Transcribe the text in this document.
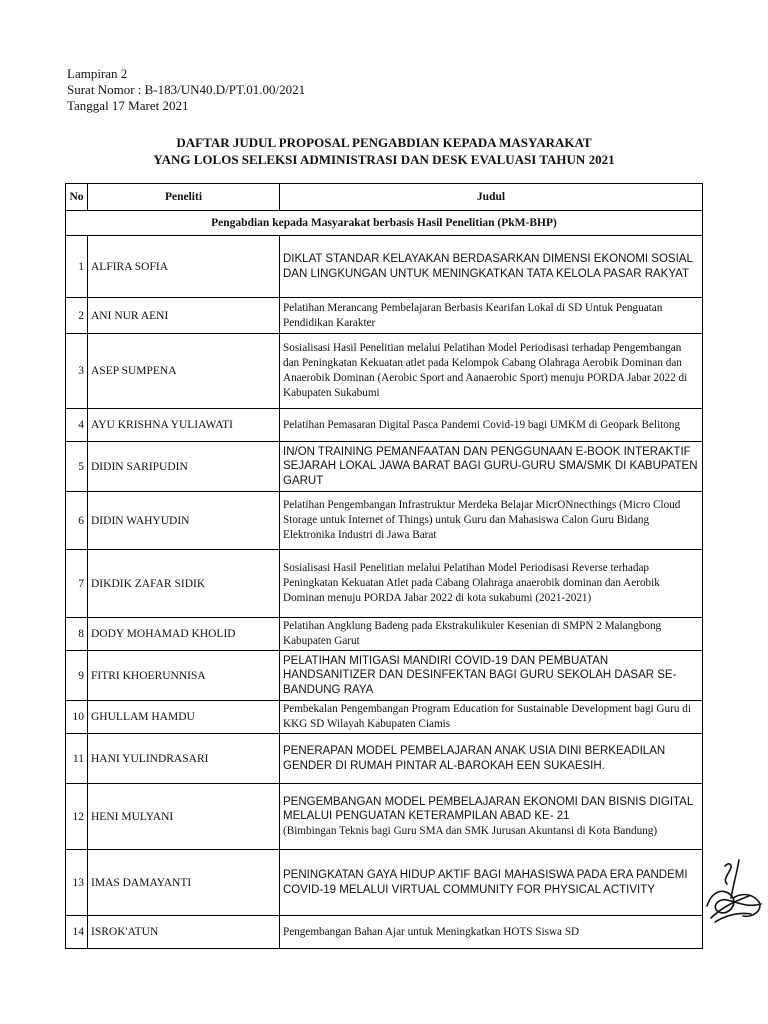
Lampiran 2
Surat Nomor : B-183/UN40.D/PT.01.00/2021
Tanggal 17 Maret 2021
DAFTAR JUDUL PROPOSAL PENGABDIAN KEPADA MASYARAKAT
YANG LOLOS SELEKSI ADMINISTRASI DAN DESK EVALUASI TAHUN 2021
No	Peneliti	Judul
Pengabdian kepada Masyarakat berbasis Hasil Penelitian (PkM-BHP)		
1	ALFIRA SOFIA	DIKLAT STANDAR KELAYAKAN BERDASARKAN DIMENSI EKONOMI SOSIAL DAN LINGKUNGAN UNTUK MENINGKATKAN TATA KELOLA PASAR RAKYAT
2	ANI NUR AENI	Pelatihan Merancang Pembelajaran Berbasis Kearifan Lokal di SD Untuk Penguatan Pendidikan Karakter
3	ASEP SUMPENA	Sosialisasi Hasil Penelitian melalui Pelatihan Model Periodisasi terhadap Pengembangan dan Peningkatan Kekuatan atlet pada Kelompok Cabang Olahraga Aerobik Dominan dan Anaerobik Dominan (Aerobic Sport and Aanaerobic Sport) menuju PORDA Jabar 2022 di Kabupaten Sukabumi
4	AYU KRISHNA YULIAWATI	Pelatihan Pemasaran Digital Pasca Pandemi Covid-19 bagi UMKM di Geopark Belitong
5	DIDIN SARIPUDIN	IN/ON TRAINING PEMANFAATAN DAN PENGGUNAAN E-BOOK INTERAKTIF SEJARAH LOKAL JAWA BARAT BAGI GURU-GURU SMA/SMK DI KABUPATEN GARUT
6	DIDIN WAHYUDIN	Pelatihan Pengembangan Infrastruktur Merdeka Belajar MicrONnecthings (Micro Cloud Storage untuk Internet of Things) untuk Guru dan Mahasiswa Calon Guru Bidang Elektronika Industri di Jawa Barat
7	DIKDIK ZAFAR SIDIK	Sosialisasi Hasil Penelitian melalui Pelatihan Model Periodisasi Reverse terhadap Peningkatan Kekuatan Atlet pada Cabang Olahraga anaerobik dominan dan Aerobik Dominan menuju PORDA Jabar 2022 di kota sukabumi (2021-2021)
8	DODY MOHAMAD KHOLID	Pelatihan Angklung Badeng pada Ekstrakulikuler Kesenian di SMPN 2 Malangbong Kabupaten Garut
9	FITRI KHOERUNNISA	PELATIHAN MITIGASI MANDIRI COVID-19 DAN PEMBUATAN HANDSANITIZER DAN DESINFEKTAN BAGI GURU SEKOLAH DASAR SE-BANDUNG RAYA
10	GHULLAM HAMDU	Pembekalan Pengembangan Program Education for Sustainable Development bagi Guru di KKG SD Wilayah Kabupaten Ciamis
11	HANI YULINDRASARI	PENERAPAN MODEL PEMBELAJARAN ANAK USIA DINI BERKEADILAN GENDER DI RUMAH PINTAR AL-BAROKAH EEN SUKAESIH.
12	HENI MULYANI	PENGEMBANGAN MODEL PEMBELAJARAN EKONOMI DAN BISNIS DIGITAL MELALUI PENGUATAN KETERAMPILAN ABAD KE- 21
(Bimbingan Teknis bagi Guru SMA dan SMK Jurusan Akuntansi di Kota Bandung)

13	IMAS DAMAYANTI	PENINGKATAN GAYA HIDUP AKTIF BAGI MAHASISWA PADA ERA PANDEMI COVID-19 MELALUI VIRTUAL COMMUNITY FOR PHYSICAL ACTIVITY
14	ISROK'ATUN	Pengembangan Bahan Ajar untuk Meningkatkan HOTS Siswa SD
